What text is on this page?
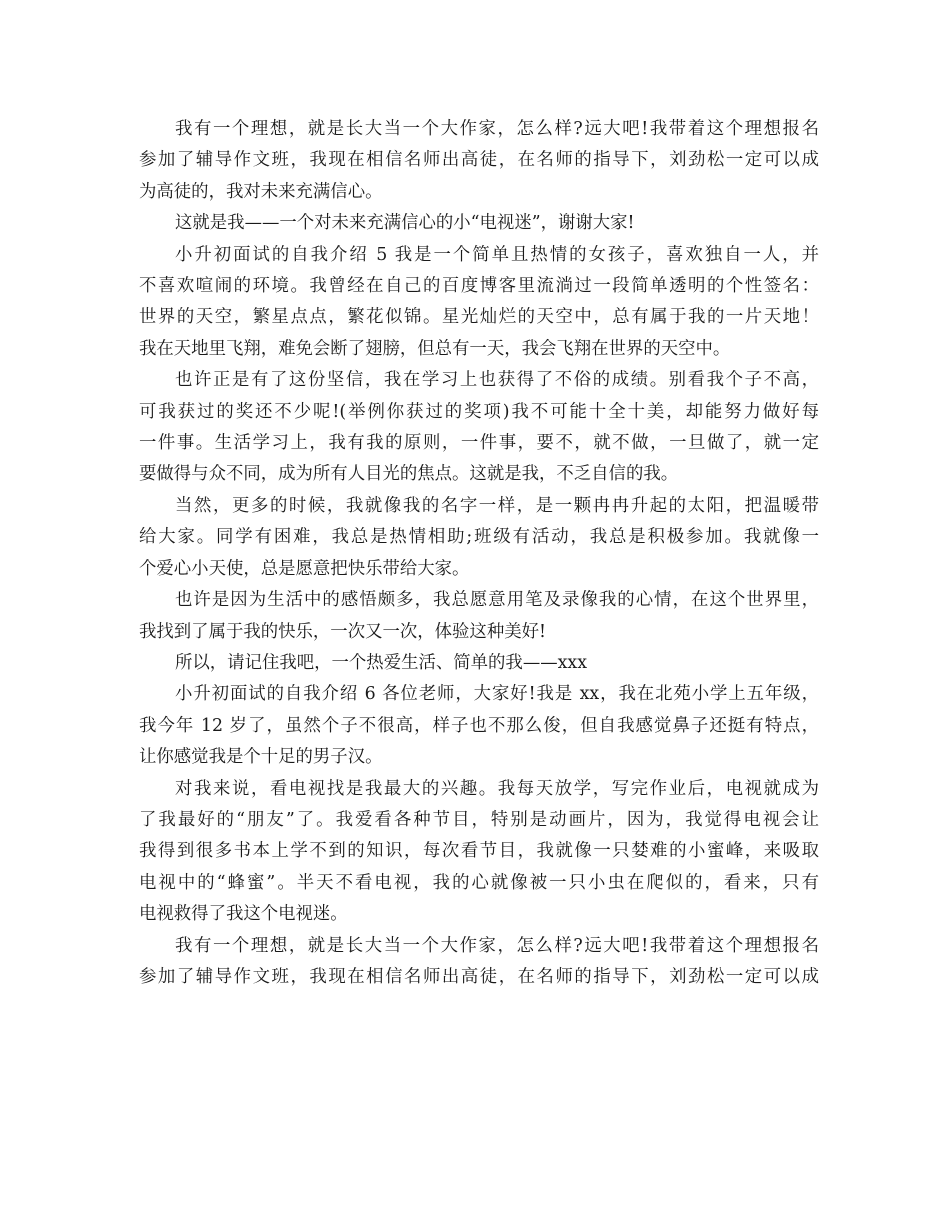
我有一个理想，就是长大当一个大作家，怎么样?远大吧!我带着这个理想报名
参加了辅导作文班，我现在相信名师出高徒，在名师的指导下，刘劲松一定可以成
为高徒的，我对未来充满信心。

这就是我——一个对未来充满信心的小“电视迷”，谢谢大家!

小升初面试的自我介绍 5 我是一个简单且热情的女孩子，喜欢独自一人，并
不喜欢喧闹的环境。我曾经在自己的百度博客里流淌过一段简单透明的个性签名：
世界的天空，繁星点点，繁花似锦。星光灿烂的天空中，总有属于我的一片天地！
我在天地里飞翔，难免会断了翅膀，但总有一天，我会飞翔在世界的天空中。

也许正是有了这份坚信，我在学习上也获得了不俗的成绩。别看我个子不高，
可我获过的奖还不少呢!(举例你获过的奖项)我不可能十全十美，却能努力做好每
一件事。生活学习上，我有我的原则，一件事，要不，就不做，一旦做了，就一定
要做得与众不同，成为所有人目光的焦点。这就是我，不乏自信的我。

当然，更多的时候，我就像我的名字一样，是一颗冉冉升起的太阳，把温暖带
给大家。同学有困难，我总是热情相助;班级有活动，我总是积极参加。我就像一
个爱心小天使，总是愿意把快乐带给大家。

也许是因为生活中的感悟颇多，我总愿意用笔及录像我的心情，在这个世界里，
我找到了属于我的快乐，一次又一次，体验这种美好!

所以，请记住我吧，一个热爱生活、简单的我——xxx

小升初面试的自我介绍 6 各位老师，大家好!我是 xx，我在北苑小学上五年级，
我今年 12 岁了，虽然个子不很高，样子也不那么俊，但自我感觉鼻子还挺有特点，
让你感觉我是个十足的男子汉。

对我来说，看电视找是我最大的兴趣。我每天放学，写完作业后，电视就成为
了我最好的“朋友”了。我爱看各种节目，特别是动画片，因为，我觉得电视会让
我得到很多书本上学不到的知识，每次看节目，我就像一只婪难的小蜜峰，来吸取
电视中的“蜂蜜”。半天不看电视，我的心就像被一只小虫在爬似的，看来，只有
电视救得了我这个电视迷。

我有一个理想，就是长大当一个大作家，怎么样?远大吧!我带着这个理想报名
参加了辅导作文班，我现在相信名师出高徒，在名师的指导下，刘劲松一定可以成
